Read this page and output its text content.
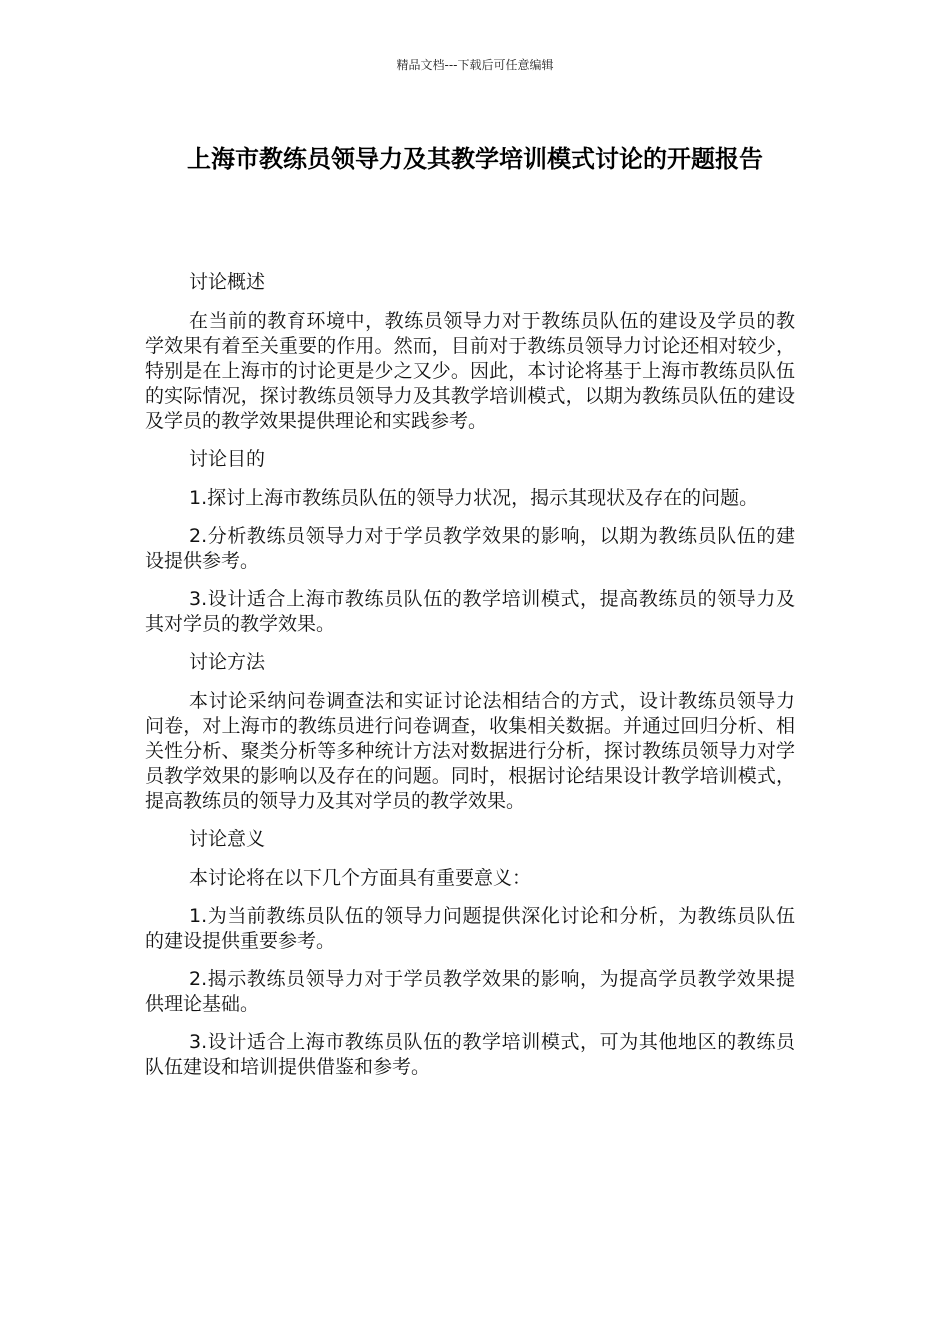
精品文档---下载后可任意编辑
上海市教练员领导力及其教学培训模式讨论的开题报告

讨论概述

在当前的教育环境中，教练员领导力对于教练员队伍的建设及学员的教学效果有着至关重要的作用。然而，目前对于教练员领导力讨论还相对较少，特别是在上海市的讨论更是少之又少。因此，本讨论将基于上海市教练员队伍的实际情况，探讨教练员领导力及其教学培训模式，以期为教练员队伍的建设及学员的教学效果提供理论和实践参考。

讨论目的

1.探讨上海市教练员队伍的领导力状况，揭示其现状及存在的问题。

2.分析教练员领导力对于学员教学效果的影响，以期为教练员队伍的建设提供参考。

3.设计适合上海市教练员队伍的教学培训模式，提高教练员的领导力及其对学员的教学效果。

讨论方法

本讨论采纳问卷调查法和实证讨论法相结合的方式，设计教练员领导力问卷，对上海市的教练员进行问卷调查，收集相关数据。并通过回归分析、相关性分析、聚类分析等多种统计方法对数据进行分析，探讨教练员领导力对学员教学效果的影响以及存在的问题。同时，根据讨论结果设计教学培训模式，提高教练员的领导力及其对学员的教学效果。

讨论意义

本讨论将在以下几个方面具有重要意义：

1.为当前教练员队伍的领导力问题提供深化讨论和分析，为教练员队伍的建设提供重要参考。

2.揭示教练员领导力对于学员教学效果的影响，为提高学员教学效果提供理论基础。

3.设计适合上海市教练员队伍的教学培训模式，可为其他地区的教练员队伍建设和培训提供借鉴和参考。
